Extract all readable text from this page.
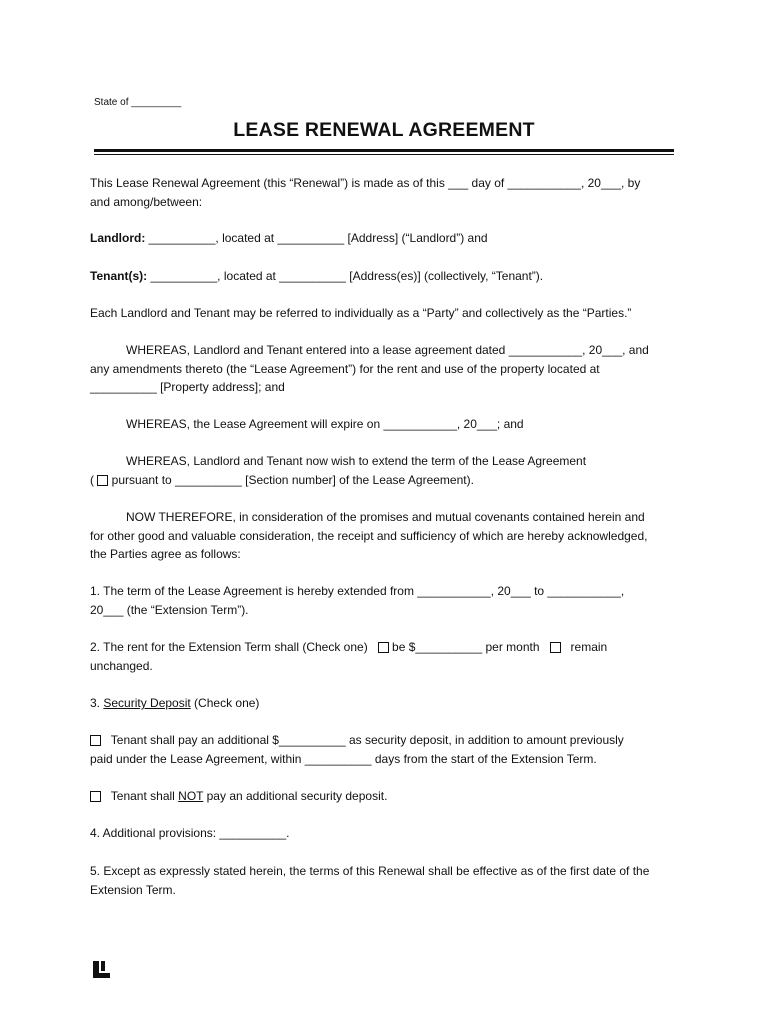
State of _________
LEASE RENEWAL AGREEMENT
This Lease Renewal Agreement (this “Renewal”) is made as of this ___ day of ___________, 20___, by
and among/between:
Landlord: __________, located at __________ [Address] (“Landlord”) and
Tenant(s): __________, located at __________ [Address(es)] (collectively, “Tenant”).
Each Landlord and Tenant may be referred to individually as a “Party” and collectively as the “Parties.”
WHEREAS, Landlord and Tenant entered into a lease agreement dated ___________, 20___, and
any amendments thereto (the “Lease Agreement”) for the rent and use of the property located at
__________ [Property address]; and
WHEREAS, the Lease Agreement will expire on ___________, 20___; and
WHEREAS, Landlord and Tenant now wish to extend the term of the Lease Agreement
(  pursuant to __________ [Section number] of the Lease Agreement).
NOW THEREFORE, in consideration of the promises and mutual covenants contained herein and
for other good and valuable consideration, the receipt and sufficiency of which are hereby acknowledged,
the Parties agree as follows:
1. The term of the Lease Agreement is hereby extended from ___________, 20___ to ___________,
20___ (the “Extension Term”).
2. The rent for the Extension Term shall (Check one)    be $__________ per month      remain
unchanged.
3. Security Deposit (Check one)
Tenant shall pay an additional $__________ as security deposit, in addition to amount previously
paid under the Lease Agreement, within __________ days from the start of the Extension Term.
Tenant shall NOT pay an additional security deposit.
4. Additional provisions: __________.
5. Except as expressly stated herein, the terms of this Renewal shall be effective as of the first date of the
Extension Term.
